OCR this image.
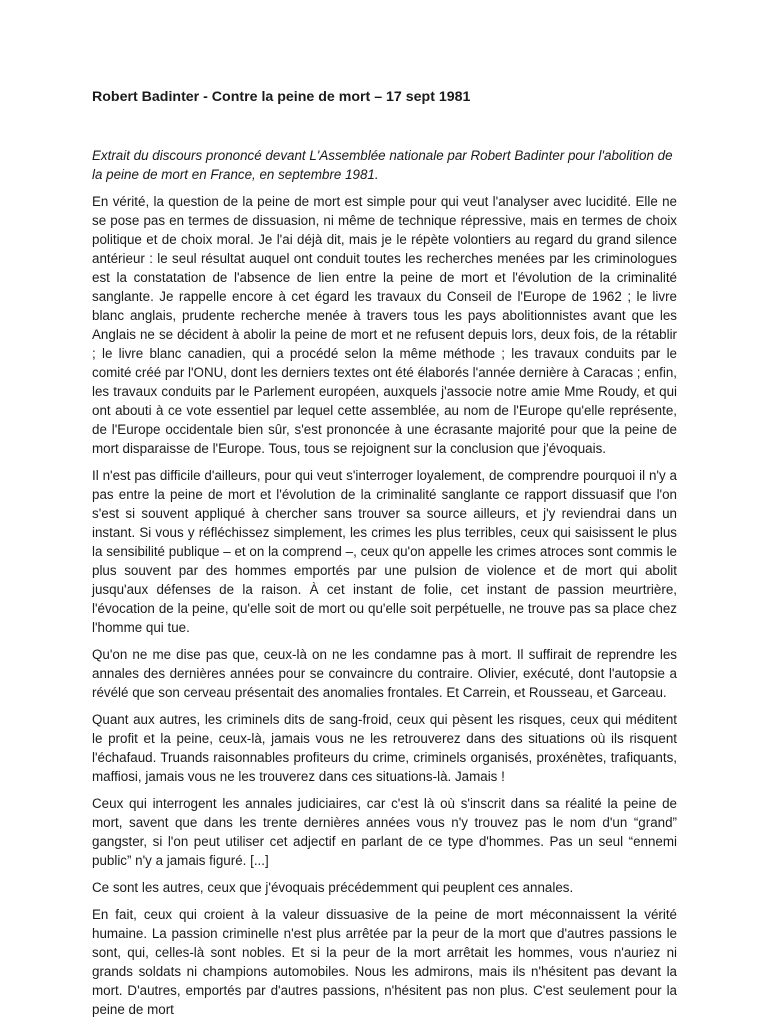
Robert Badinter - Contre la peine de mort – 17 sept 1981
Extrait du discours prononcé devant L'Assemblée nationale par Robert Badinter pour l'abolition de la peine de mort en France, en septembre 1981.

En vérité, la question de la peine de mort est simple pour qui veut l'analyser avec lucidité. Elle ne se pose pas en termes de dissuasion, ni même de technique répressive, mais en termes de choix politique et de choix moral. Je l'ai déjà dit, mais je le répète volontiers au regard du grand silence antérieur : le seul résultat auquel ont conduit toutes les recherches menées par les criminologues est la constatation de l'absence de lien entre la peine de mort et l'évolution de la criminalité sanglante. Je rappelle encore à cet égard les travaux du Conseil de l'Europe de 1962 ; le livre blanc anglais, prudente recherche menée à travers tous les pays abolitionnistes avant que les Anglais ne se décident à abolir la peine de mort et ne refusent depuis lors, deux fois, de la rétablir ; le livre blanc canadien, qui a procédé selon la même méthode ; les travaux conduits par le comité créé par l'ONU, dont les derniers textes ont été élaborés l'année dernière à Caracas ; enfin, les travaux conduits par le Parlement européen, auxquels j'associe notre amie Mme Roudy, et qui ont abouti à ce vote essentiel par lequel cette assemblée, au nom de l'Europe qu'elle représente, de l'Europe occidentale bien sûr, s'est prononcée à une écrasante majorité pour que la peine de mort disparaisse de l'Europe. Tous, tous se rejoignent sur la conclusion que j'évoquais.

Il n'est pas difficile d'ailleurs, pour qui veut s'interroger loyalement, de comprendre pourquoi il n'y a pas entre la peine de mort et l'évolution de la criminalité sanglante ce rapport dissuasif que l'on s'est si souvent appliqué à chercher sans trouver sa source ailleurs, et j'y reviendrai dans un instant. Si vous y réfléchissez simplement, les crimes les plus terribles, ceux qui saisissent le plus la sensibilité publique – et on la comprend –, ceux qu'on appelle les crimes atroces sont commis le plus souvent par des hommes emportés par une pulsion de violence et de mort qui abolit jusqu'aux défenses de la raison. À cet instant de folie, cet instant de passion meurtrière, l'évocation de la peine, qu'elle soit de mort ou qu'elle soit perpétuelle, ne trouve pas sa place chez l'homme qui tue.

Qu'on ne me dise pas que, ceux-là on ne les condamne pas à mort. Il suffirait de reprendre les annales des dernières années pour se convaincre du contraire. Olivier, exécuté, dont l'autopsie a révélé que son cerveau présentait des anomalies frontales. Et Carrein, et Rousseau, et Garceau.

Quant aux autres, les criminels dits de sang-froid, ceux qui pèsent les risques, ceux qui méditent le profit et la peine, ceux-là, jamais vous ne les retrouverez dans des situations où ils risquent l'échafaud. Truands raisonnables profiteurs du crime, criminels organisés, proxénètes, trafiquants, maffiosi, jamais vous ne les trouverez dans ces situations-là. Jamais !

Ceux qui interrogent les annales judiciaires, car c'est là où s'inscrit dans sa réalité la peine de mort, savent que dans les trente dernières années vous n'y trouvez pas le nom d'un “grand” gangster, si l'on peut utiliser cet adjectif en parlant de ce type d'hommes. Pas un seul “ennemi public” n'y a jamais figuré. [...]

Ce sont les autres, ceux que j'évoquais précédemment qui peuplent ces annales.

En fait, ceux qui croient à la valeur dissuasive de la peine de mort méconnaissent la vérité humaine. La passion criminelle n'est plus arrêtée par la peur de la mort que d'autres passions le sont, qui, celles-là sont nobles. Et si la peur de la mort arrêtait les hommes, vous n'auriez ni grands soldats ni champions automobiles. Nous les admirons, mais ils n'hésitent pas devant la mort. D'autres, emportés par d'autres passions, n'hésitent pas non plus. C'est seulement pour la peine de mort
